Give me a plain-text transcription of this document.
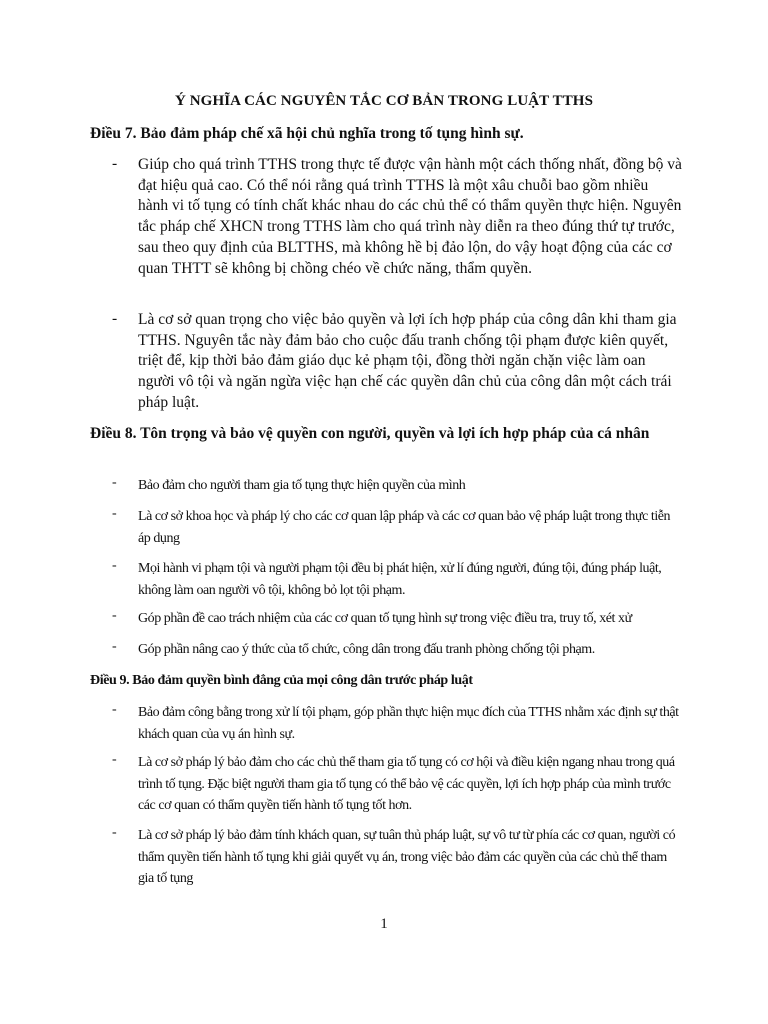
Ý NGHĨA CÁC NGUYÊN TẮC CƠ BẢN TRONG LUẬT TTHS
Điều 7. Bảo đảm pháp chế xã hội chủ nghĩa trong tố tụng hình sự.
-	Giúp cho quá trình TTHS trong thực tế được vận hành một cách thống nhất, đồng bộ và đạt hiệu quả cao. Có thể nói rằng quá trình TTHS là một xâu chuỗi bao gồm nhiều hành vi tố tụng có tính chất khác nhau do các chủ thể có thẩm quyền thực hiện. Nguyên tắc pháp chế XHCN trong TTHS làm cho quá trình này diễn ra theo đúng thứ tự trước, sau theo quy định của BLTTHS, mà không hề bị đảo lộn, do vậy hoạt động của các cơ quan THTT sẽ không bị chồng chéo về chức năng, thẩm quyền.
-	Là cơ sở quan trọng cho việc bảo quyền và lợi ích hợp pháp của công dân khi tham gia TTHS. Nguyên tắc này đảm bảo cho cuộc đấu tranh chống tội phạm được kiên quyết, triệt để, kịp thời bảo đảm giáo dục kẻ phạm tội, đồng thời ngăn chặn việc làm oan người vô tội và ngăn ngừa việc hạn chế các quyền dân chủ của công dân một cách trái pháp luật.
Điều 8. Tôn trọng và bảo vệ quyền con người, quyền và lợi ích hợp pháp của cá nhân
-	Bảo đảm cho người tham gia tố tụng thực hiện quyền của mình
-	Là cơ sở khoa học và pháp lý cho các cơ quan lập pháp và các cơ quan bảo vệ pháp luật trong thực tiễn áp dụng
-	Mọi hành vi phạm tội và người phạm tội đều bị phát hiện, xử lí đúng người, đúng tội, đúng pháp luật, không làm oan người vô tội, không bỏ lọt tội phạm.
-	Góp phần đề cao trách nhiệm của các cơ quan tố tụng hình sự trong việc điều tra, truy tố, xét xử
-	Góp phần nâng cao ý thức của tổ chức, công dân trong đấu tranh phòng chống tội phạm.
Điều 9. Bảo đảm quyền bình đẳng của mọi công dân trước pháp luật
-	Bảo đảm công bằng trong xử lí tội phạm, góp phần thực hiện mục đích của TTHS nhằm xác định sự thật khách quan của vụ án hình sự.
-	Là cơ sở pháp lý bảo đảm cho các chủ thể tham gia tố tụng có cơ hội và điều kiện ngang nhau trong quá trình tố tụng. Đặc biệt người tham gia tố tụng có thể bảo vệ các quyền, lợi ích hợp pháp của mình trước các cơ quan có thẩm quyền tiến hành tố tụng tốt hơn.
-	Là cơ sở pháp lý bảo đảm tính khách quan, sự tuân thủ pháp luật, sự vô tư từ phía các cơ quan, người có thẩm quyền tiến hành tố tụng khi giải quyết vụ án, trong việc bảo đảm các quyền của các chủ thể tham gia tố tụng
1
